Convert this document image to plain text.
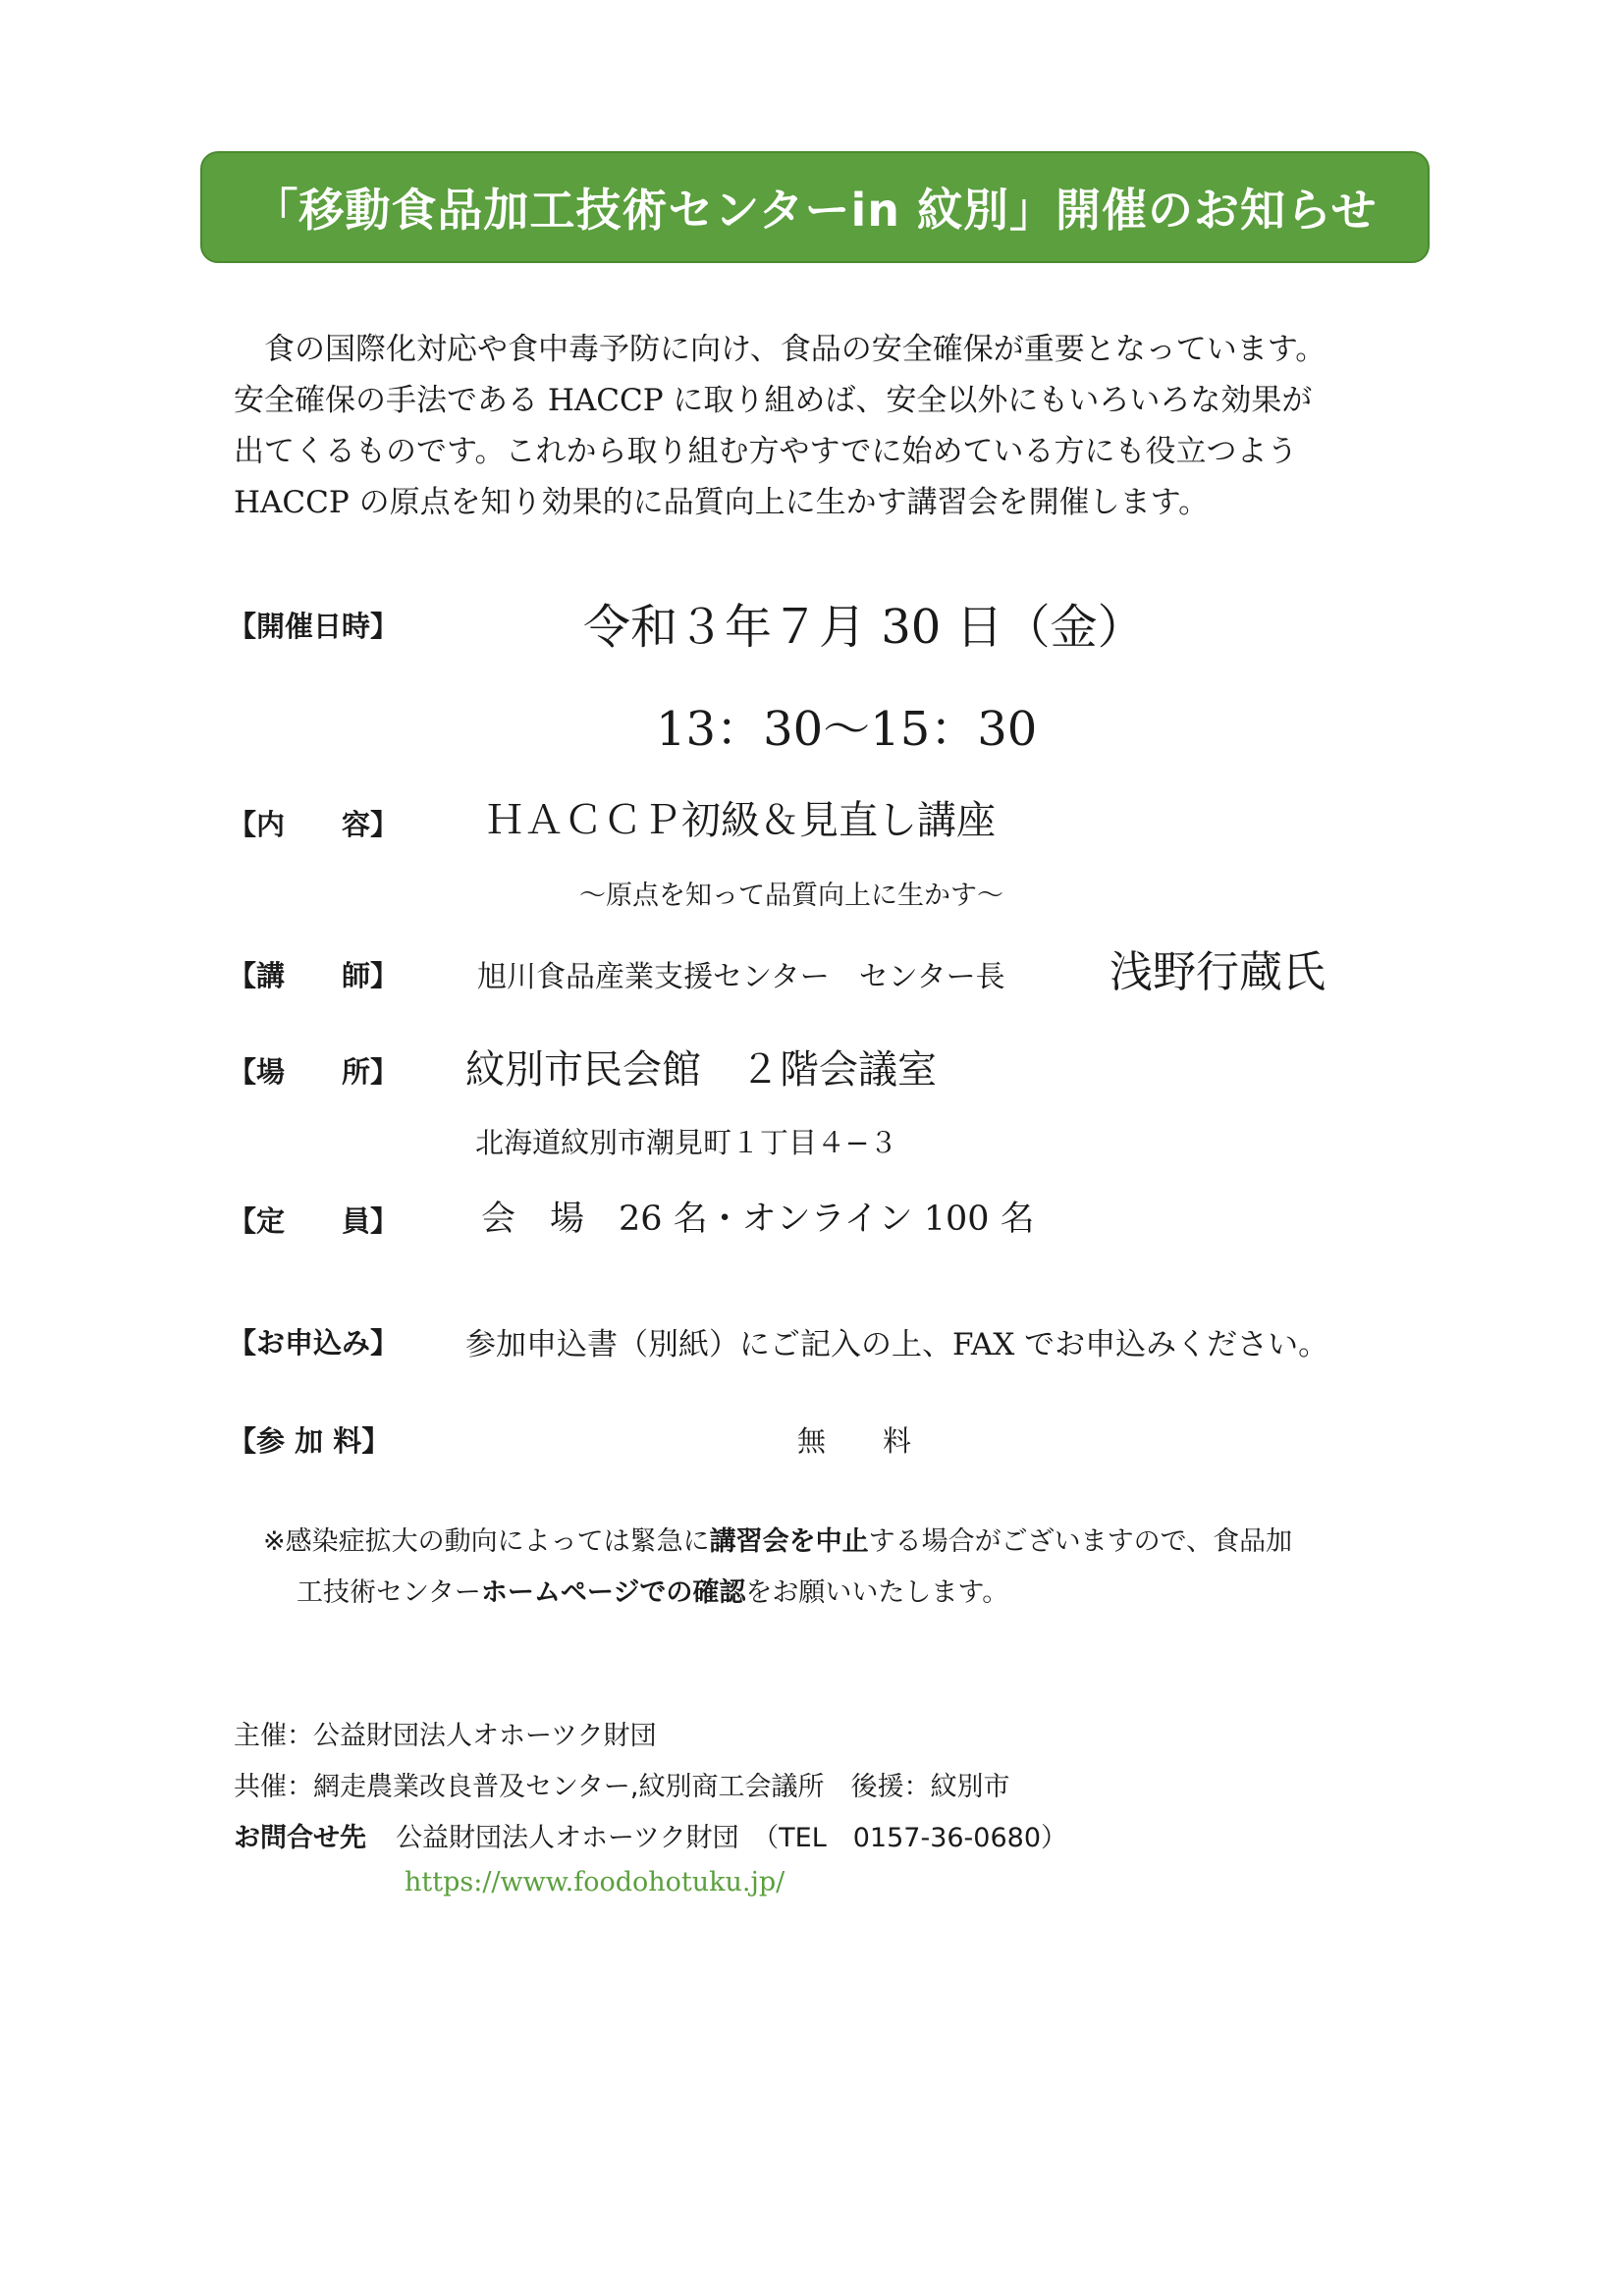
「移動食品加工技術センターin 紋別」開催のお知らせ

　食の国際化対応や食中毒予防に向け、食品の安全確保が重要となっています。

安全確保の手法である HACCP に取り組めば、安全以外にもいろいろな効果が

出てくるものです。これから取り組む方やすでに始めている方にも役立つよう

HACCP の原点を知り効果的に品質向上に生かす講習会を開催します。

【開催日時】	令和３年７月 30 日（金）
13：30～15：30
【内　　容】 ＨＡＣＣＰ初級＆見直し講座
～原点を知って品質向上に生かす～
【講　　師】	旭川食品産業支援センター　センター長 浅野行蔵氏
【場　　所】 紋別市民会館　２階会議室
北海道紋別市潮見町１丁目４−３
【定　　員】 会　場　26 名・オンライン 100 名
【お申込み】 参加申込書（別紙）にご記入の上、FAX でお申込みください。
【参 加 料】	無　　料

※感染症拡大の動向によっては緊急に講習会を中止する場合がございますので、食品加

工技術センターホームページでの確認をお願いいたします。

主催：公益財団法人オホーツク財団
共催：網走農業改良普及センター,紋別商工会議所　後援：紋別市
お問合せ先 公益財団法人オホーツク財団　（TEL　0157-36-0680）
https://www.foodohotuku.jp/
